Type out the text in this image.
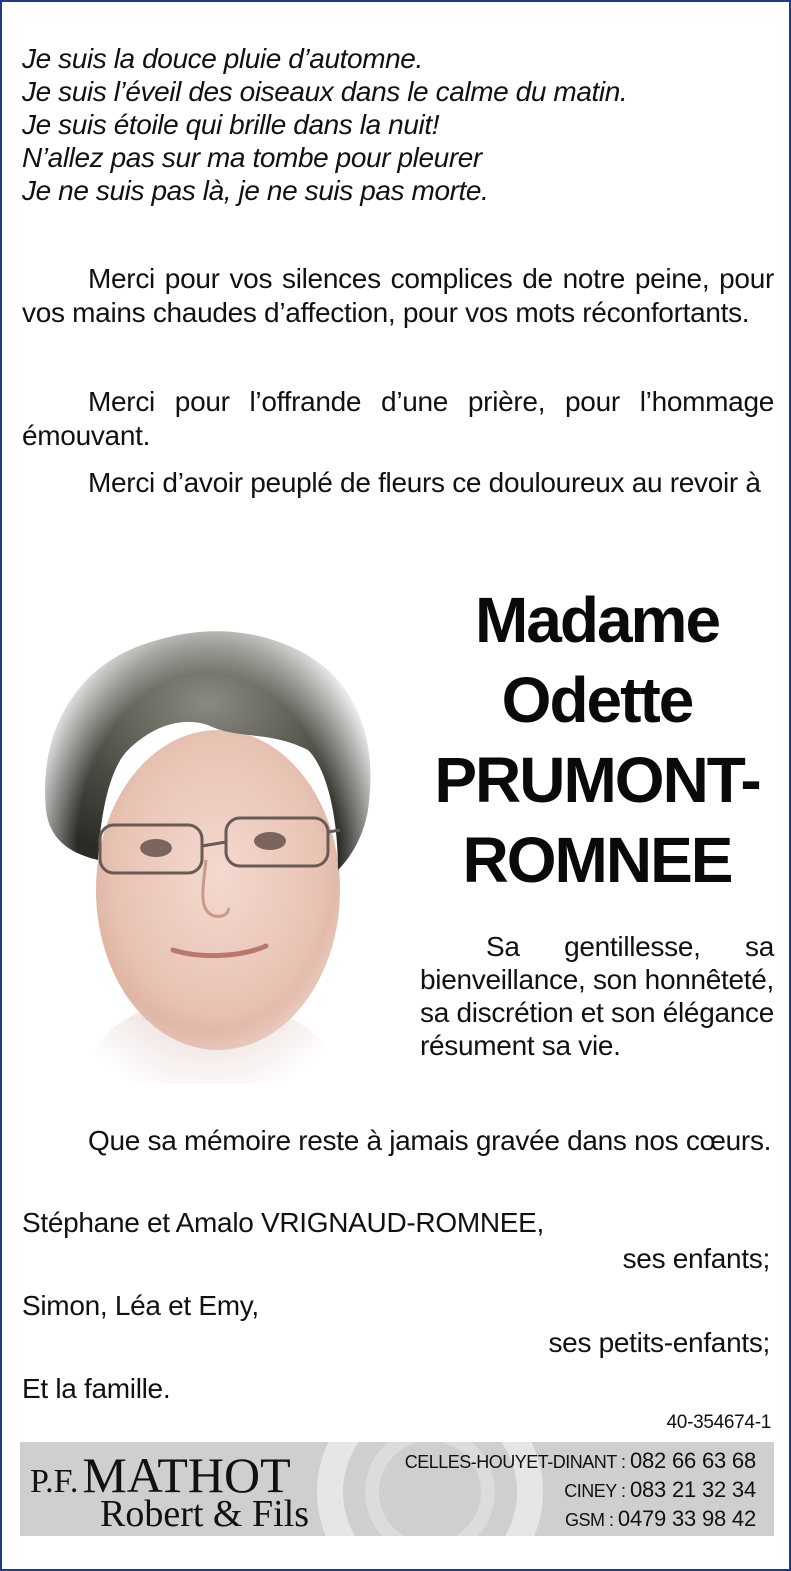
Je suis la douce pluie d’automne.
Je suis l’éveil des oiseaux dans le calme du matin.
Je suis étoile qui brille dans la nuit!
N’allez pas sur ma tombe pour pleurer
Je ne suis pas là, je ne suis pas morte.
Merci pour vos silences complices de notre peine, pour vos mains chaudes d’affection, pour vos mots réconfortants.
Merci pour l’offrande d’une prière, pour l’hommage émouvant.
Merci d’avoir peuplé de fleurs ce douloureux au revoir à
Madame
Odette
PRUMONT-
ROMNEE
Sa gentillesse, sa bienveillance, son honnêteté, sa discrétion et son élégance résument sa vie.
Que sa mémoire reste à jamais gravée dans nos cœurs.
Stéphane et Amalo VRIGNAUD-ROMNEE,
ses enfants;
Simon, Léa et Emy,
ses petits-enfants;
Et la famille.
40-354674-1
P.F. MATHOT
Robert & Fils
CELLES-HOUYET-DINANT : 082 66 63 68
CINEY : 083 21 32 34
GSM : 0479 33 98 42
